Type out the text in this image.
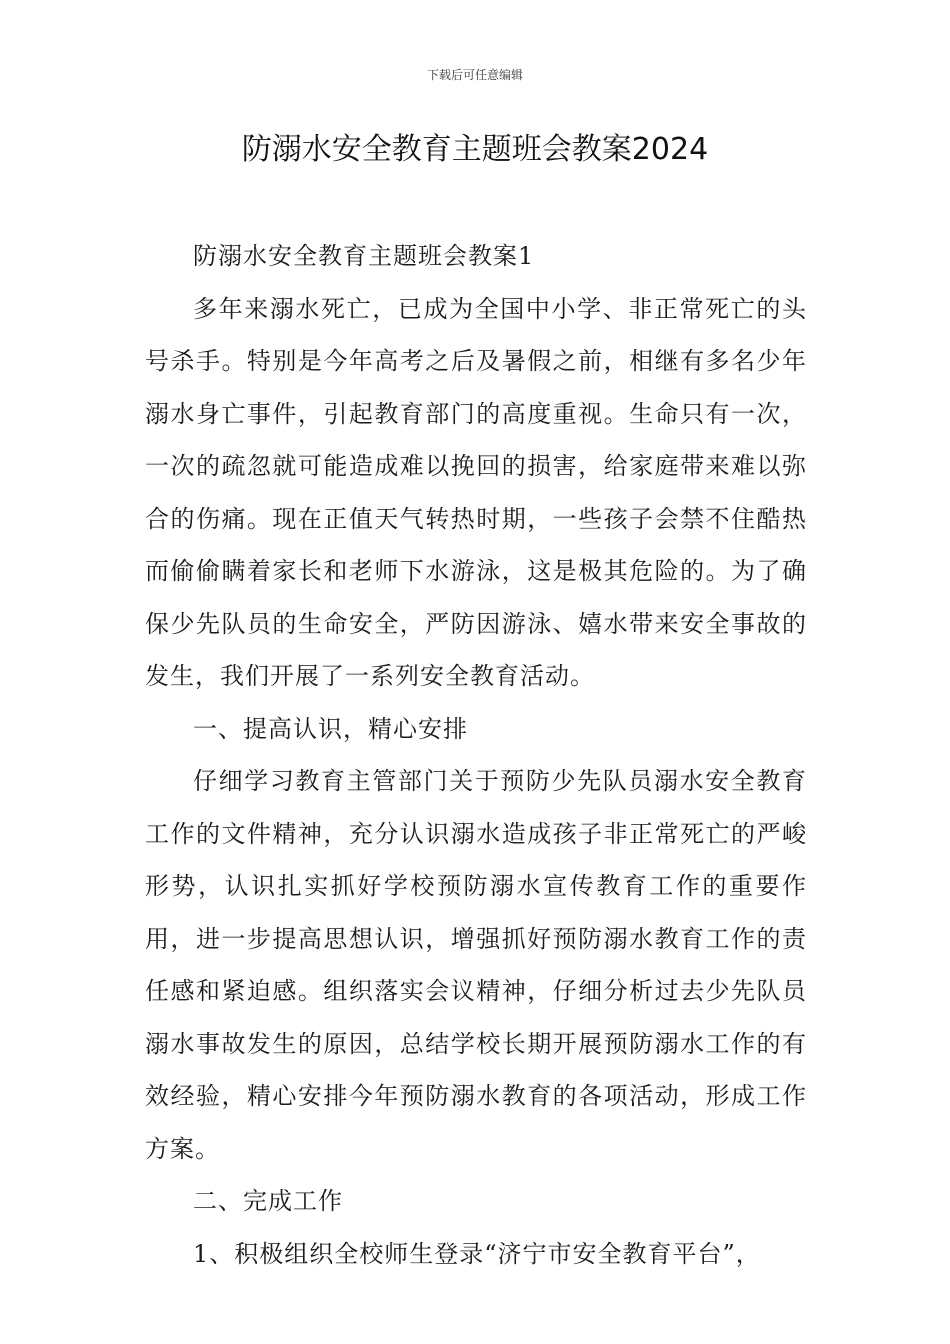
下载后可任意编辑
防溺水安全教育主题班会教案2024

防溺水安全教育主题班会教案1

多年来溺水死亡，已成为全国中小学、非正常死亡的头号杀手。特别是今年高考之后及暑假之前，相继有多名少年溺水身亡事件，引起教育部门的高度重视。生命只有一次，一次的疏忽就可能造成难以挽回的损害，给家庭带来难以弥合的伤痛。现在正值天气转热时期，一些孩子会禁不住酷热而偷偷瞒着家长和老师下水游泳，这是极其危险的。为了确保少先队员的生命安全，严防因游泳、嬉水带来安全事故的发生，我们开展了一系列安全教育活动。

一、提高认识，精心安排

仔细学习教育主管部门关于预防少先队员溺水安全教育工作的文件精神，充分认识溺水造成孩子非正常死亡的严峻形势，认识扎实抓好学校预防溺水宣传教育工作的重要作用，进一步提高思想认识，增强抓好预防溺水教育工作的责任感和紧迫感。组织落实会议精神，仔细分析过去少先队员溺水事故发生的原因，总结学校长期开展预防溺水工作的有效经验，精心安排今年预防溺水教育的各项活动，形成工作方案。

二、完成工作

1、积极组织全校师生登录“济宁市安全教育平台”，
